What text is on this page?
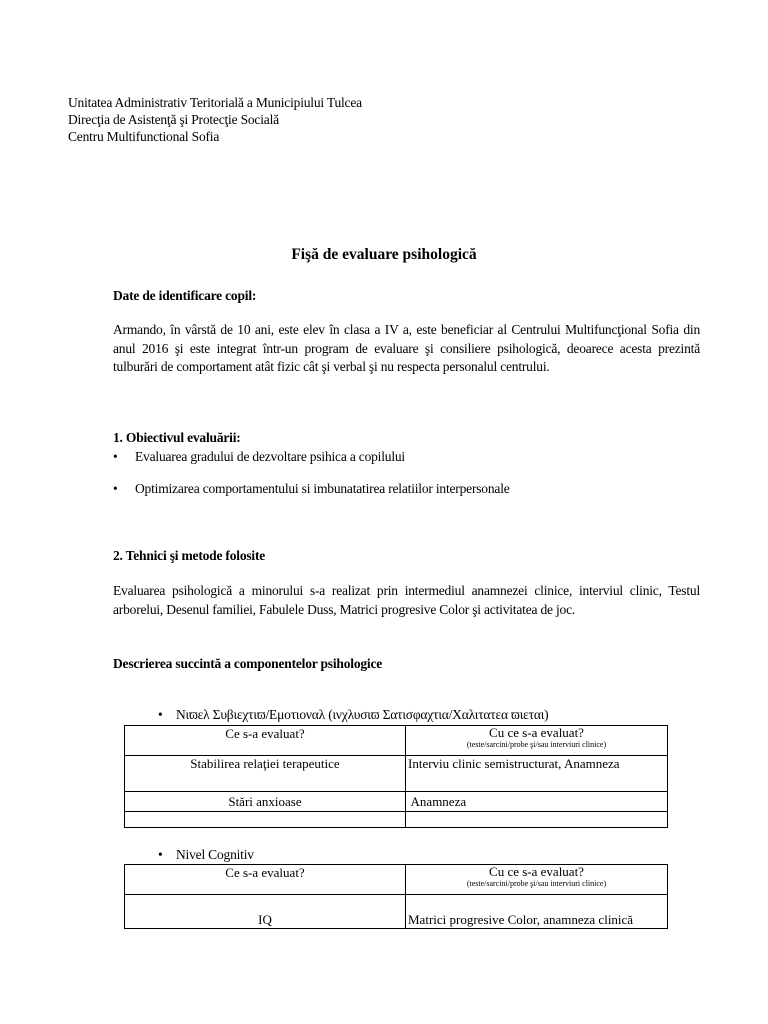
Unitatea Administrativ Teritorială a Municipiului Tulcea
Direcţia de Asistenţă şi Protecţie Socială
Centru Multifunctional Sofia
Fişă de evaluare psihologică
Date de identificare copil:
Armando, în vârstă de 10 ani, este elev în clasa a IV a, este beneficiar al Centrului Multifuncţional Sofia din anul 2016 şi este integrat într-un program de evaluare şi consiliere psihologică, deoarece acesta prezintă tulburări de comportament atât fizic cât şi verbal şi nu respecta personalul centrului.
1. Obiectivul evaluării:
• Evaluarea gradului de dezvoltare psihica a copilului
• Optimizarea comportamentului si imbunatatirea relatiilor interpersonale
2. Tehnici şi metode folosite
Evaluarea psihologică a minorului s-a realizat prin intermediul anamnezei clinice, interviul clinic, Testul arborelui, Desenul familiei, Fabulele Duss, Matrici progresive Color şi activitatea de joc.
Descrierea succintă a componentelor psihologice
• Νιϖελ Συβιεχτιϖ/Εμοτιοναλ (ινχλυσιϖ Σατισφαχτια/Χαλιτατεα ϖιεται)
Ce s-a evaluat?	Cu ce s-a evaluat?
(teste/sarcini/probe şi/sau interviuri clinice)

Stabilirea relaţiei terapeutice	Interviu clinic semistructurat, Anamneza
Stări anxioase	Anamneza

• Nivel Cognitiv
Ce s-a evaluat?	Cu ce s-a evaluat?
(teste/sarcini/probe şi/sau interviuri clinice)

IQ	Matrici progresive Color, anamneza clinică
